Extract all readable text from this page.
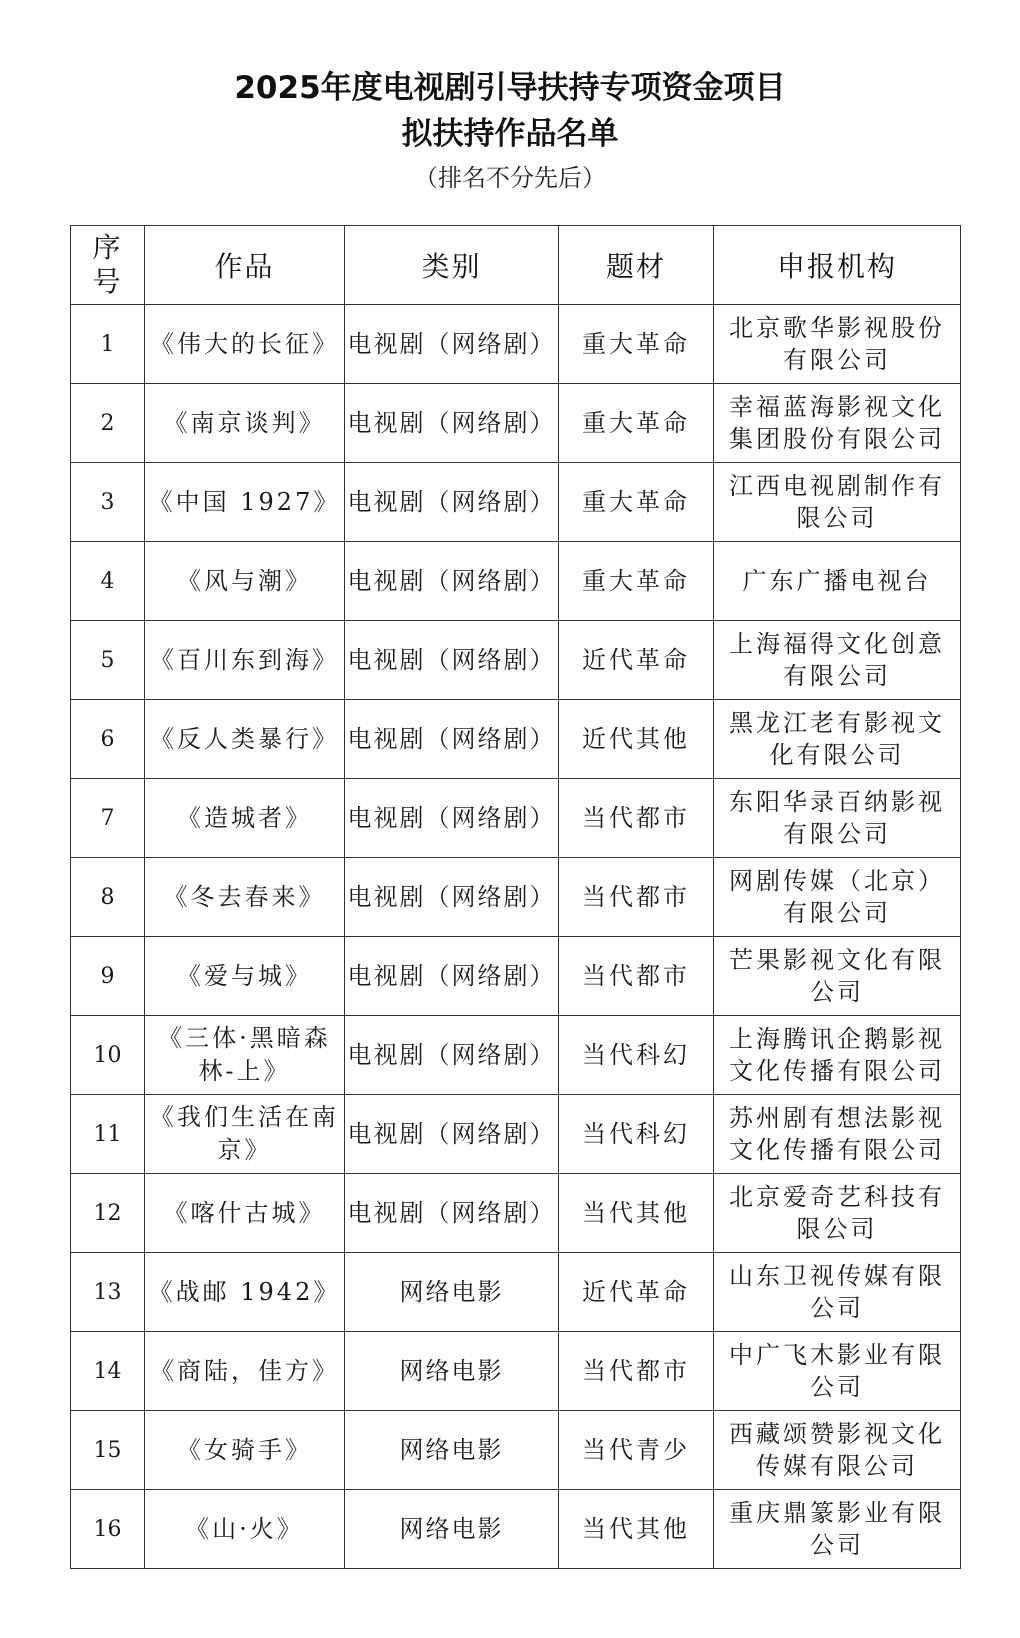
2025年度电视剧引导扶持专项资金项目
拟扶持作品名单
（排名不分先后）
序
号	作品	类别	题材	申报机构
1	《伟大的长征》	电视剧（网络剧）	重大革命	北京歌华影视股份有限公司
2	《南京谈判》	电视剧（网络剧）	重大革命	幸福蓝海影视文化集团股份有限公司
3	《中国 1927》	电视剧（网络剧）	重大革命	江西电视剧制作有限公司
4	《风与潮》	电视剧（网络剧）	重大革命	广东广播电视台
5	《百川东到海》	电视剧（网络剧）	近代革命	上海福得文化创意有限公司
6	《反人类暴行》	电视剧（网络剧）	近代其他	黑龙江老有影视文化有限公司
7	《造城者》	电视剧（网络剧）	当代都市	东阳华录百纳影视有限公司
8	《冬去春来》	电视剧（网络剧）	当代都市	网剧传媒（北京）有限公司
9	《爱与城》	电视剧（网络剧）	当代都市	芒果影视文化有限公司
10	《三体·黑暗森林-上》	电视剧（网络剧）	当代科幻	上海腾讯企鹅影视文化传播有限公司
11	《我们生活在南京》	电视剧（网络剧）	当代科幻	苏州剧有想法影视文化传播有限公司
12	《喀什古城》	电视剧（网络剧）	当代其他	北京爱奇艺科技有限公司
13	《战邮 1942》	网络电影	近代革命	山东卫视传媒有限公司
14	《商陆，佳方》	网络电影	当代都市	中广飞木影业有限公司
15	《女骑手》	网络电影	当代青少	西藏颂赞影视文化传媒有限公司
16	《山·火》	网络电影	当代其他	重庆鼎篆影业有限公司
